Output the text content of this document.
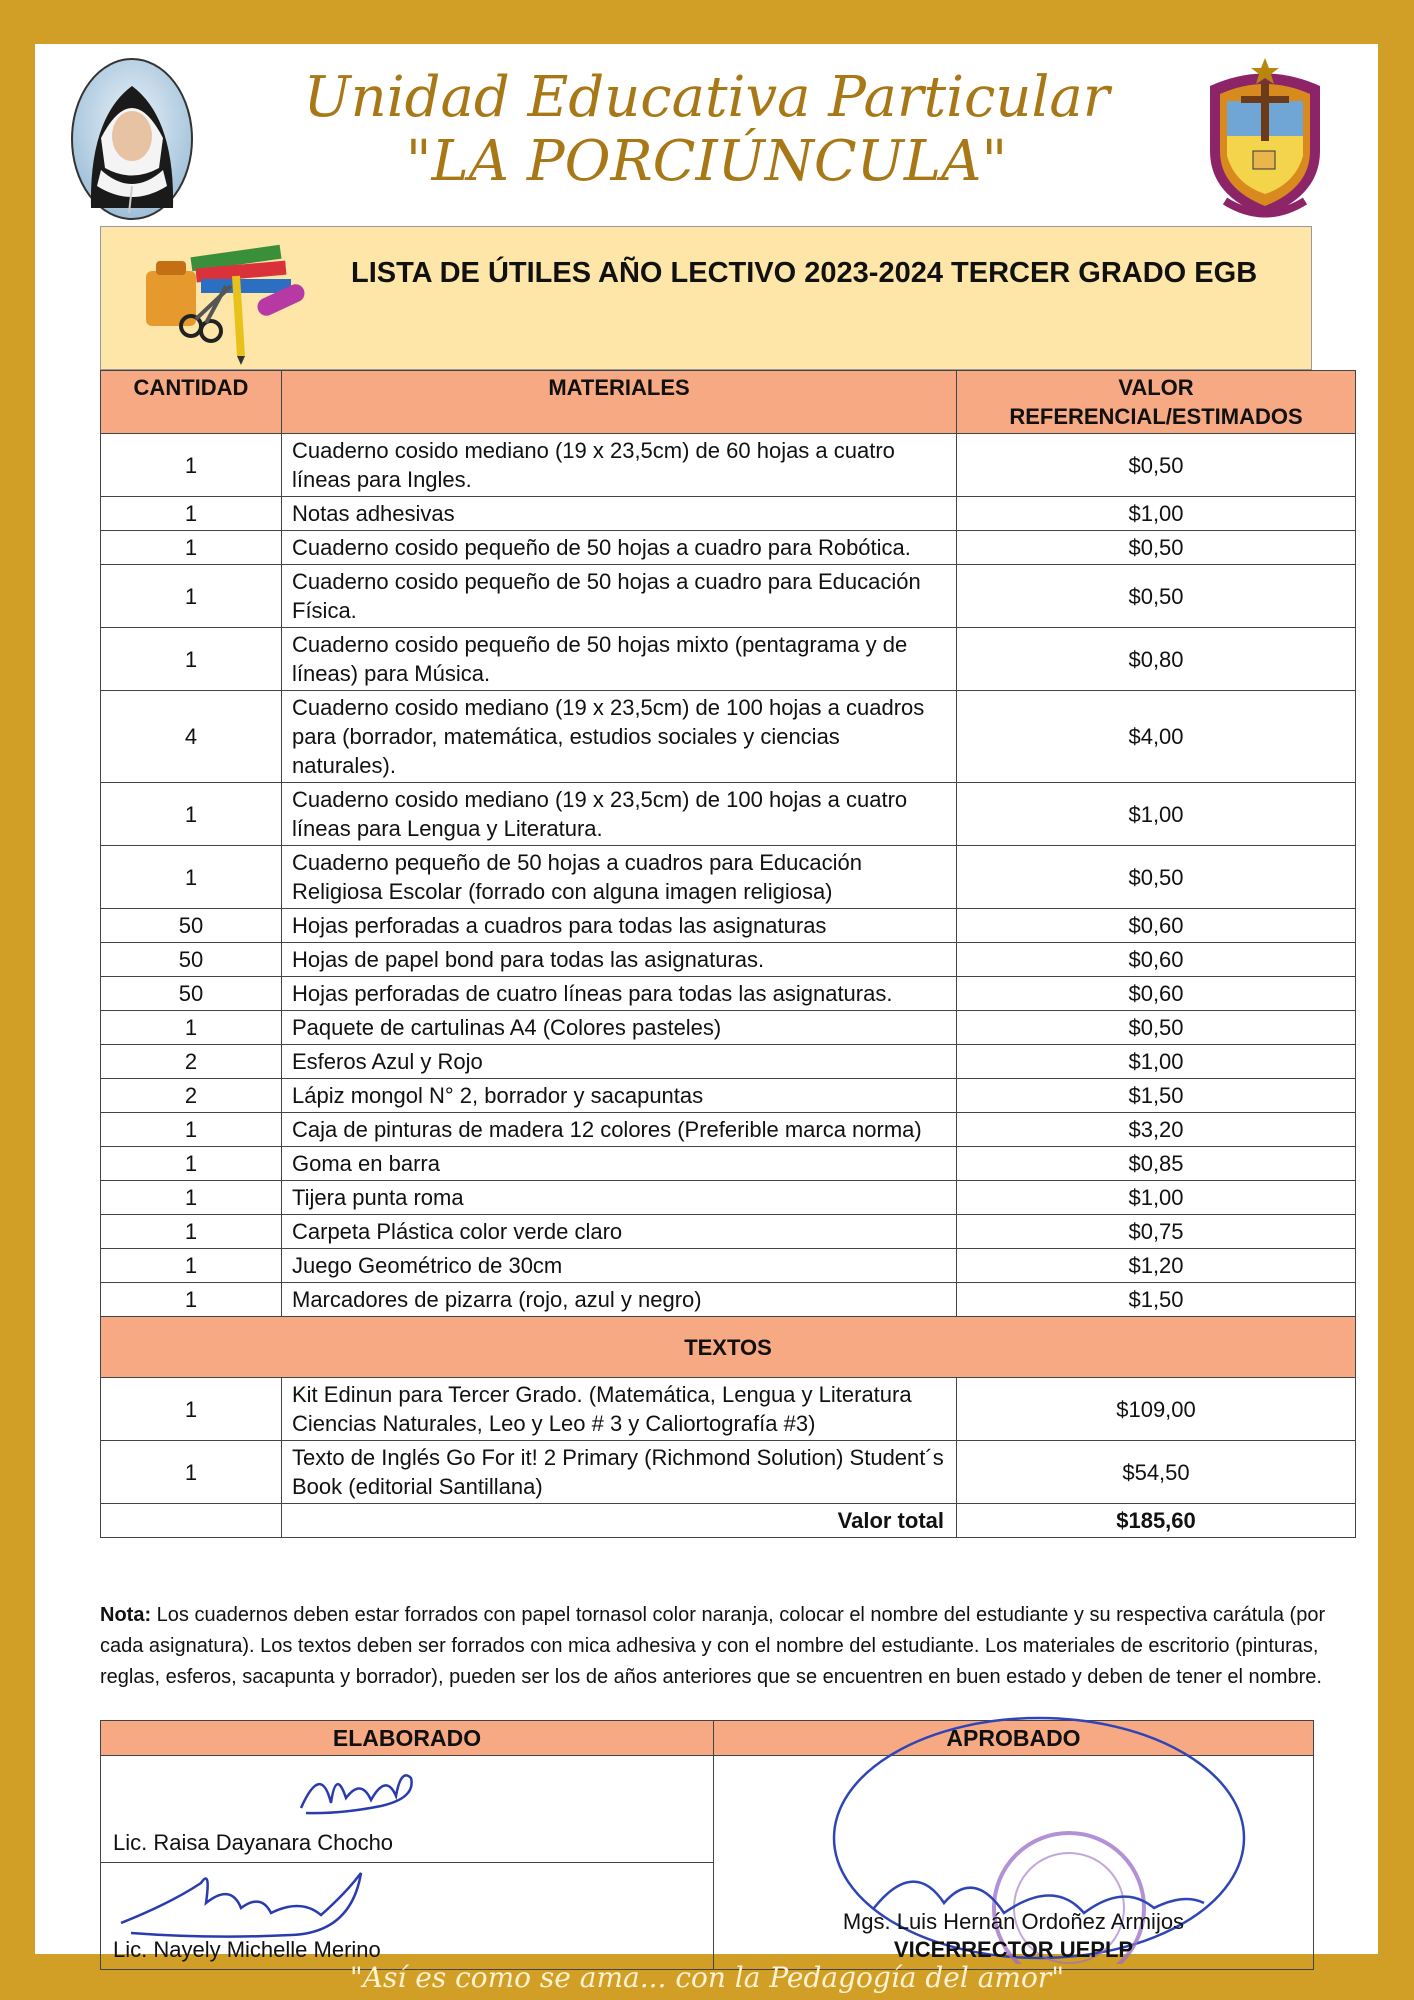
Unidad Educativa Particular
"LA PORCIÚNCULA"
LISTA DE ÚTILES AÑO LECTIVO 2023-2024 TERCER GRADO EGB
CANTIDAD	MATERIALES	VALOR
REFERENCIAL/ESTIMADOS

1	Cuaderno cosido mediano (19 x 23,5cm) de 60 hojas a cuatro líneas para Ingles.	$0,50
1	Notas adhesivas	$1,00
1	Cuaderno cosido pequeño de 50 hojas a cuadro para Robótica.	$0,50
1	Cuaderno cosido pequeño de 50 hojas a cuadro para Educación Física.	$0,50
1	Cuaderno cosido pequeño de 50 hojas mixto (pentagrama y de líneas) para Música.	$0,80
4	Cuaderno cosido mediano (19 x 23,5cm) de 100 hojas a cuadros para (borrador, matemática, estudios sociales y ciencias naturales).	$4,00
1	Cuaderno cosido mediano (19 x 23,5cm) de 100 hojas a cuatro líneas para Lengua y Literatura.	$1,00
1	Cuaderno pequeño de 50 hojas a cuadros para Educación Religiosa Escolar (forrado con alguna imagen religiosa)	$0,50
50	Hojas perforadas a cuadros para todas las asignaturas	$0,60
50	Hojas de papel bond para todas las asignaturas.	$0,60
50	Hojas perforadas de cuatro líneas para todas las asignaturas.	$0,60
1	Paquete de cartulinas A4 (Colores pasteles)	$0,50
2	Esferos Azul y Rojo	$1,00
2	Lápiz mongol N° 2, borrador y sacapuntas	$1,50
1	Caja de pinturas de madera 12 colores (Preferible marca norma)	$3,20
1	Goma en barra	$0,85
1	Tijera punta roma	$1,00
1	Carpeta Plástica color verde claro	$0,75
1	Juego Geométrico de 30cm	$1,20
1	Marcadores de pizarra (rojo, azul y negro)	$1,50
TEXTOS		
1	Kit Edinun para Tercer Grado. (Matemática, Lengua y Literatura Ciencias Naturales, Leo y Leo # 3 y Caliortografía #3)	$109,00
1	Texto de Inglés Go For it! 2 Primary (Richmond Solution) Student´s Book (editorial Santillana)	$54,50
	Valor total	$185,60
Nota: Los cuadernos deben estar forrados con papel tornasol color naranja, colocar el nombre del estudiante y su respectiva carátula (por cada asignatura). Los textos deben ser forrados con mica adhesiva y con el nombre del estudiante. Los materiales de escritorio (pinturas, reglas, esferos, sacapunta y borrador), pueden ser los de años anteriores que se encuentren en buen estado y deben de tener el nombre.
ELABORADO	APROBADO

Lic. Raisa Dayanara Chocho	Mgs. Luis Hernán Ordoñez Armijos
VICERRECTOR UEPLP

Lic. Nayely Michelle Merino	
"Así es como se ama... con la Pedagogía del amor"
